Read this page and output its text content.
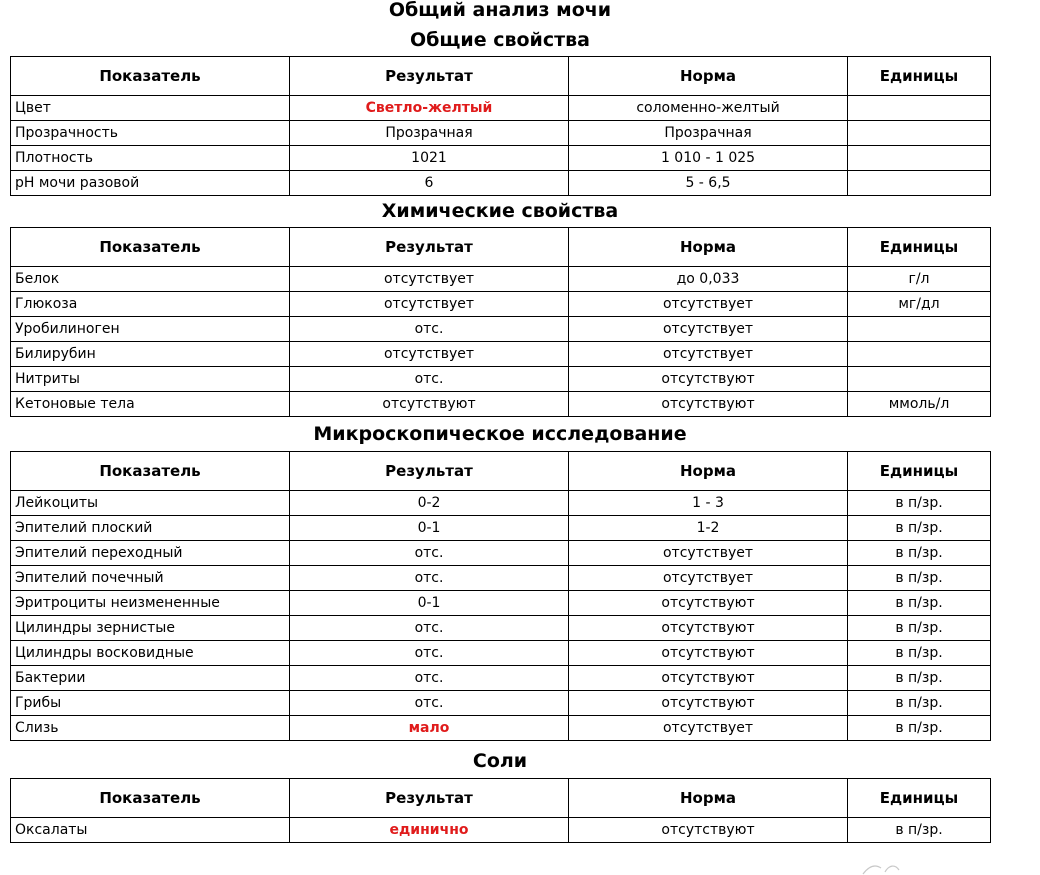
Общий анализ мочи
Общие свойства
Показатель	Результат	Норма	Единицы
Цвет	Светло-желтый	соломенно-желтый	
Прозрачность	Прозрачная	Прозрачная	
Плотность	1021	1 010 - 1 025	
pH мочи разовой	6	5 - 6,5	
Химические свойства
Показатель	Результат	Норма	Единицы
Белок	отсутствует	до 0,033	г/л
Глюкоза	отсутствует	отсутствует	мг/дл
Уробилиноген	отс.	отсутствует	
Билирубин	отсутствует	отсутствует	
Нитриты	отс.	отсутствуют	
Кетоновые тела	отсутствуют	отсутствуют	ммоль/л
Микроскопическое исследование
Показатель	Результат	Норма	Единицы
Лейкоциты	0-2	1 - 3	в п/зр.
Эпителий плоский	0-1	1-2	в п/зр.
Эпителий переходный	отс.	отсутствует	в п/зр.
Эпителий почечный	отс.	отсутствует	в п/зр.
Эритроциты неизмененные	0-1	отсутствуют	в п/зр.
Цилиндры зернистые	отс.	отсутствуют	в п/зр.
Цилиндры восковидные	отс.	отсутствуют	в п/зр.
Бактерии	отс.	отсутствуют	в п/зр.
Грибы	отс.	отсутствуют	в п/зр.
Слизь	мало	отсутствует	в п/зр.
Соли
Показатель	Результат	Норма	Единицы
Оксалаты	единично	отсутствуют	в п/зр.
